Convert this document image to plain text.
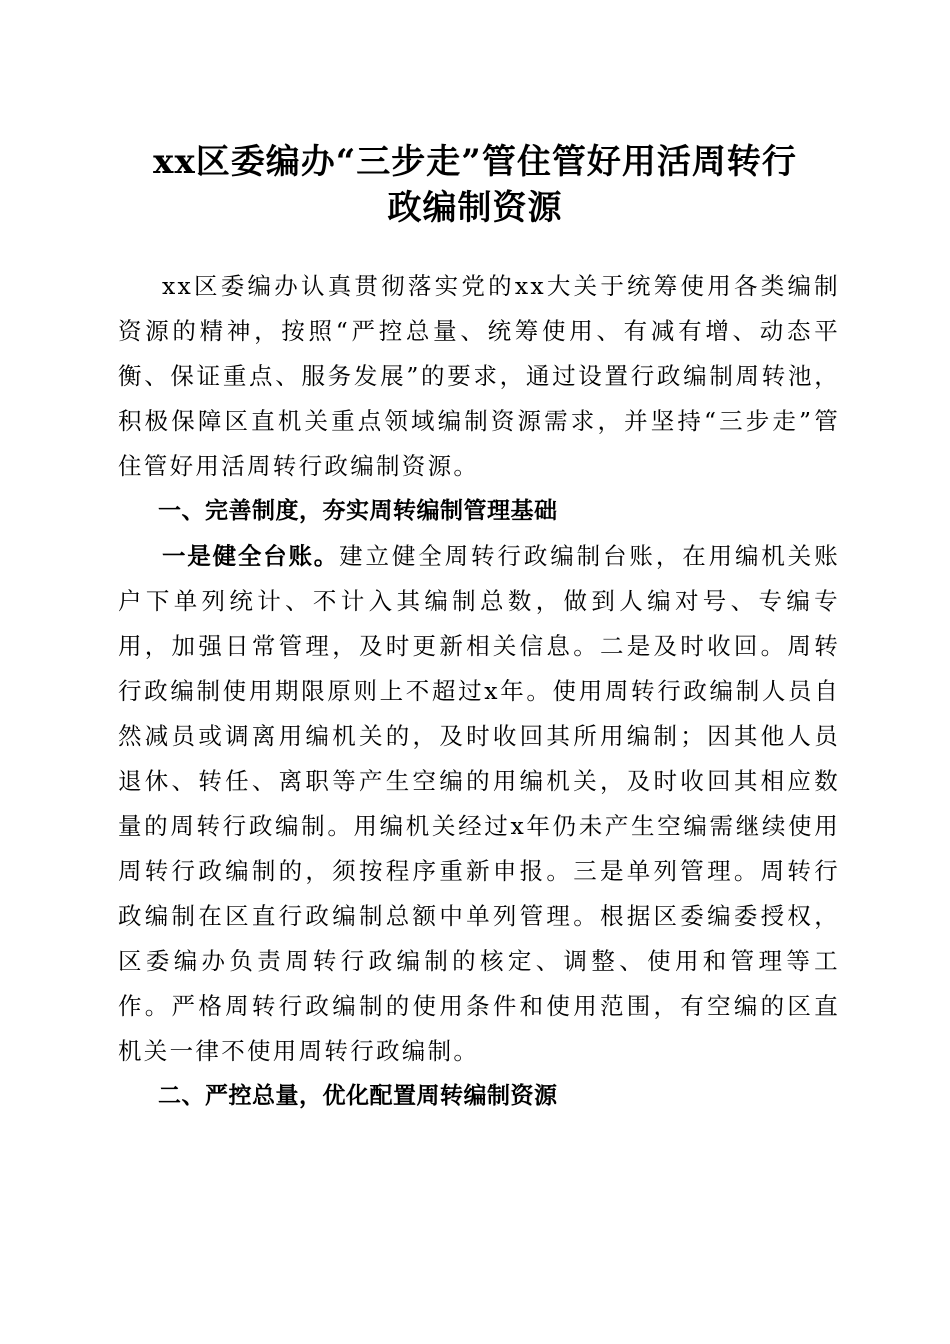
xx区委编办“三步走”管住管好用活周转行
政编制资源

xx区委编办认真贯彻落实党的xx大关于统筹使用各类编制资源的精神，按照“严控总量、统筹使用、有减有增、动态平衡、保证重点、服务发展”的要求，通过设置行政编制周转池，积极保障区直机关重点领域编制资源需求，并坚持“三步走”管住管好用活周转行政编制资源。

一、完善制度，夯实周转编制管理基础

一是健全台账。建立健全周转行政编制台账，在用编机关账户下单列统计、不计入其编制总数，做到人编对号、专编专用，加强日常管理，及时更新相关信息。二是及时收回。周转行政编制使用期限原则上不超过x年。使用周转行政编制人员自然减员或调离用编机关的，及时收回其所用编制；因其他人员退休、转任、离职等产生空编的用编机关，及时收回其相应数量的周转行政编制。用编机关经过x年仍未产生空编需继续使用周转行政编制的，须按程序重新申报。三是单列管理。周转行政编制在区直行政编制总额中单列管理。根据区委编委授权，区委编办负责周转行政编制的核定、调整、使用和管理等工作。严格周转行政编制的使用条件和使用范围，有空编的区直机关一律不使用周转行政编制。

二、严控总量，优化配置周转编制资源
